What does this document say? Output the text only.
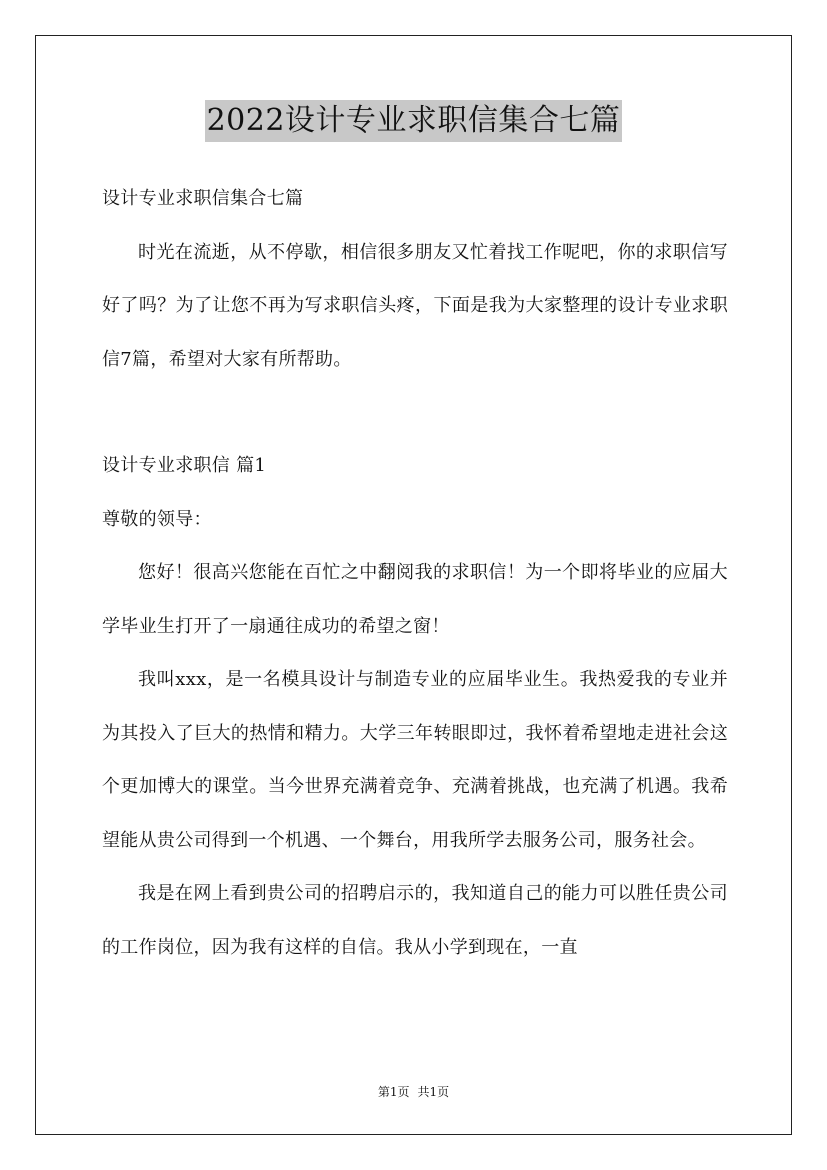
2022设计专业求职信集合七篇

设计专业求职信集合七篇

时光在流逝，从不停歇，相信很多朋友又忙着找工作呢吧，你的求职信写好了吗？为了让您不再为写求职信头疼，下面是我为大家整理的设计专业求职信7篇，希望对大家有所帮助。

设计专业求职信 篇1

尊敬的领导：

您好！很高兴您能在百忙之中翻阅我的求职信！为一个即将毕业的应届大学毕业生打开了一扇通往成功的希望之窗！

我叫xxx，是一名模具设计与制造专业的应届毕业生。我热爱我的专业并为其投入了巨大的热情和精力。大学三年转眼即过，我怀着希望地走进社会这个更加博大的课堂。当今世界充满着竞争、充满着挑战，也充满了机遇。我希望能从贵公司得到一个机遇、一个舞台，用我所学去服务公司，服务社会。

我是在网上看到贵公司的招聘启示的，我知道自己的能力可以胜任贵公司的工作岗位，因为我有这样的自信。我从小学到现在，一直

第1页 共1页
